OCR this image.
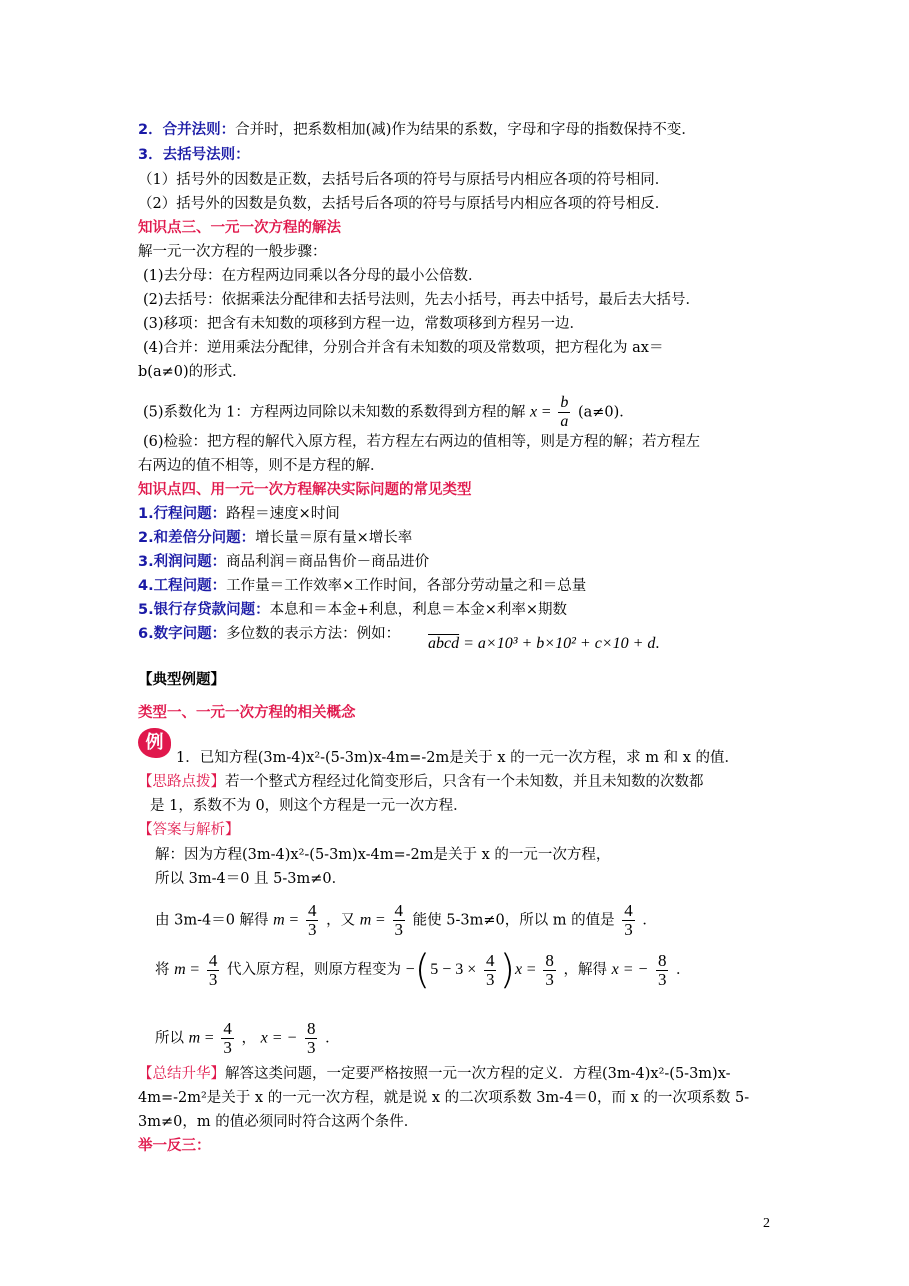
2．合并法则：合并时，把系数相加(减)作为结果的系数，字母和字母的指数保持不变．
3．去括号法则：
（1）括号外的因数是正数，去括号后各项的符号与原括号内相应各项的符号相同．
（2）括号外的因数是负数，去括号后各项的符号与原括号内相应各项的符号相反．
知识点三、一元一次方程的解法
解一元一次方程的一般步骤：
(1)去分母：在方程两边同乘以各分母的最小公倍数．
(2)去括号：依据乘法分配律和去括号法则，先去小括号，再去中括号，最后去大括号．
(3)移项：把含有未知数的项移到方程一边，常数项移到方程另一边．
(4)合并：逆用乘法分配律，分别合并含有未知数的项及常数项，把方程化为 ax＝
b(a≠0)的形式．
(5)系数化为 1：方程两边同除以未知数的系数得到方程的解 $x = \frac{b}{a} (a\ne 0)$．
(6)检验：把方程的解代入原方程，若方程左右两边的值相等，则是方程的解；若方程左
右两边的值不相等，则不是方程的解．
知识点四、用一元一次方程解决实际问题的常见类型
1.行程问题：路程＝速度×时间
2.和差倍分问题：增长量＝原有量×增长率
3.利润问题：商品利润＝商品售价－商品进价
4.工程问题：工作量＝工作效率×工作时间，各部分劳动量之和＝总量
5.银行存贷款问题：本息和＝本金+利息，利息＝本金×利率×期数
6.数字问题：多位数的表示方法：例如：
abcd = a×10³ + b×10² + c×10 + d.
【典型例题】
类型一、一元一次方程的相关概念
例
1．已知方程(3m-4)x²-(5-3m)x-4m=-2m是关于 x 的一元一次方程，求 m 和 x 的值．
【思路点拨】若一个整式方程经过化简变形后，只含有一个未知数，并且未知数的次数都
是 1，系数不为 0，则这个方程是一元一次方程．
【答案与解析】
解：因为方程(3m-4)x²-(5-3m)x-4m=-2m是关于 x 的一元一次方程，
所以 3m-4＝0 且 5-3m≠0．
由 3m-4＝0 解得 $m = \frac{4}{3}$ ，又 $m = \frac{4}{3}$ 能使 5-3m≠0，所以 m 的值是 $\frac{4}{3}$ ．
将 $m = \frac{4}{3}$ 代入原方程，则原方程变为 $-(5 - 3 \times \frac{4}{3} )x = \frac{8}{3}$ ，解得 x = − $\frac{8}{3}$ ．
所以 $m = \frac{4}{3}$ ， x = − $\frac{8}{3}$ ．
【总结升华】解答这类问题，一定要严格按照一元一次方程的定义．方程(3m-4)x²-(5-3m)x-
4m=-2m²是关于 x 的一元一次方程，就是说 x 的二次项系数 3m-4＝0，而 x 的一次项系数 5-
3m≠0，m 的值必须同时符合这两个条件．
举一反三：
2
